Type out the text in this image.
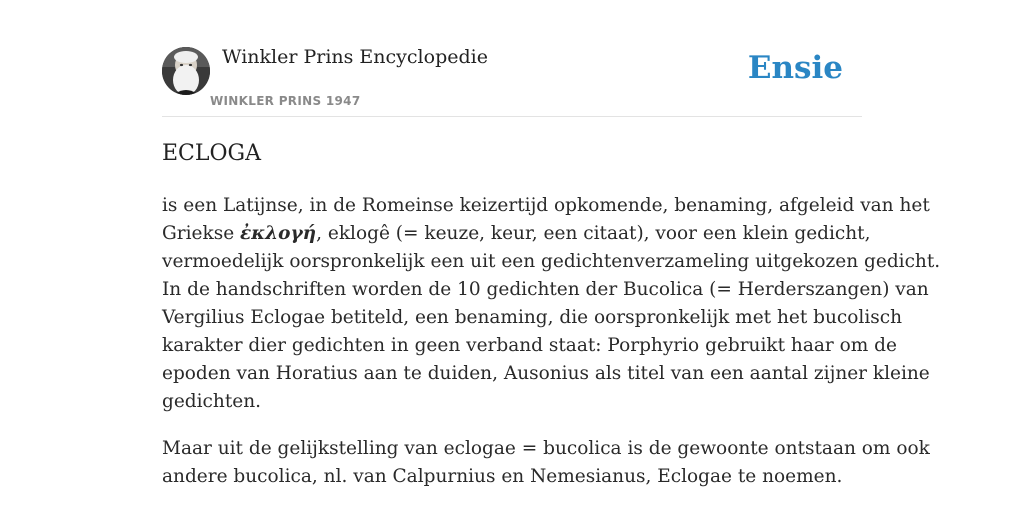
Winkler Prins Encyclopedie
WINKLER PRINS 1947
Ensie
ECLOGA

is een Latijnse, in de Romeinse keizertijd opkomende, benaming, afgeleid van het
Griekse ἐκλογή, eklogê (= keuze, keur, een citaat), voor een klein gedicht,
vermoedelijk oorspronkelijk een uit een gedichtenverzameling uitgekozen gedicht.
In de handschriften worden de 10 gedichten der Bucolica (= Herderszangen) van
Vergilius Eclogae betiteld, een benaming, die oorspronkelijk met het bucolisch
karakter dier gedichten in geen verband staat: Porphyrio gebruikt haar om de
epoden van Horatius aan te duiden, Ausonius als titel van een aantal zijner kleine
gedichten.

Maar uit de gelijkstelling van eclogae = bucolica is de gewoonte ontstaan om ook
andere bucolica, nl. van Calpurnius en Nemesianus, Eclogae te noemen.
